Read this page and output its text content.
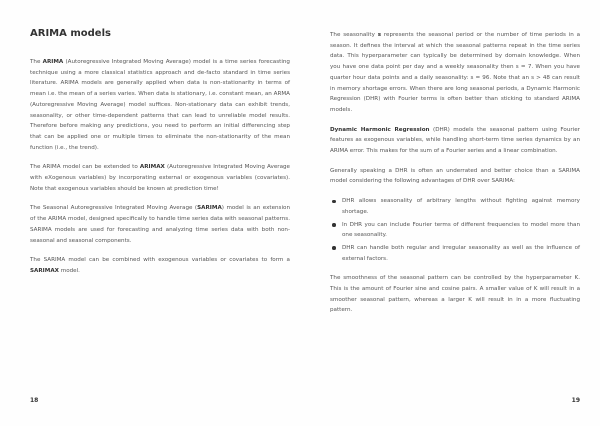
ARIMA models

The ARIMA (Autoregressive Integrated Moving Average) model is a time series forecasting technique using a more classical statistics approach and de-facto standard in time series literature. ARIMA models are generally applied when data is non-stationarity in terms of mean i.e. the mean of a series varies. When data is stationary, i.e. constant mean, an ARMA (Autoregressive Moving Average) model suffices. Non-stationary data can exhibit trends, seasonality, or other time-dependent patterns that can lead to unreliable model results. Therefore before making any predictions, you need to perform an initial differencing step that can be applied one or multiple times to eliminate the non-stationarity of the mean function (i.e., the trend).

The ARIMA model can be extended to ARIMAX (Autoregressive Integrated Moving Average with eXogenous variables) by incorporating external or exogenous variables (covariates). Note that exogenous variables should be known at prediction time!

The Seasonal Autoregressive Integrated Moving Average (SARIMA) model is an extension of the ARIMA model, designed specifically to handle time series data with seasonal patterns. SARIMA models are used for forecasting and analyzing time series data with both non-seasonal and seasonal components.

The SARIMA model can be combined with exogenous variables or covariates to form a SARIMAX model.

18

The seasonality s represents the seasonal period or the number of time periods in a season. It defines the interval at which the seasonal patterns repeat in the time series data. This hyperparameter can typically be determined by domain knowledge. When you have one data point per day and a weekly seasonality then s = 7. When you have quarter hour data points and a daily seasonality: s = 96. Note that an s > 48 can result in memory shortage errors. When there are long seasonal periods, a Dynamic Harmonic Regression (DHR) with Fourier terms is often better than sticking to standard ARIMA models.

Dynamic Harmonic Regression (DHR) models the seasonal pattern using Fourier features as exogenous variables, while handling short-term time series dynamics by an ARIMA error. This makes for the sum of a Fourier series and a linear combination.

Generally speaking a DHR is often an underrated and better choice than a SARIMA model considering the following advantages of DHR over SARIMA:

DHR allows seasonality of arbitrary lengths without fighting against memory shortage.
In DHR you can include Fourier terms of different frequencies to model more than one seasonality.
DHR can handle both regular and irregular seasonality as well as the influence of external factors.

The smoothness of the seasonal pattern can be controlled by the hyperparameter K. This is the amount of Fourier sine and cosine pairs. A smaller value of K will result in a smoother seasonal pattern, whereas a larger K will result in in a more fluctuating pattern.

19
